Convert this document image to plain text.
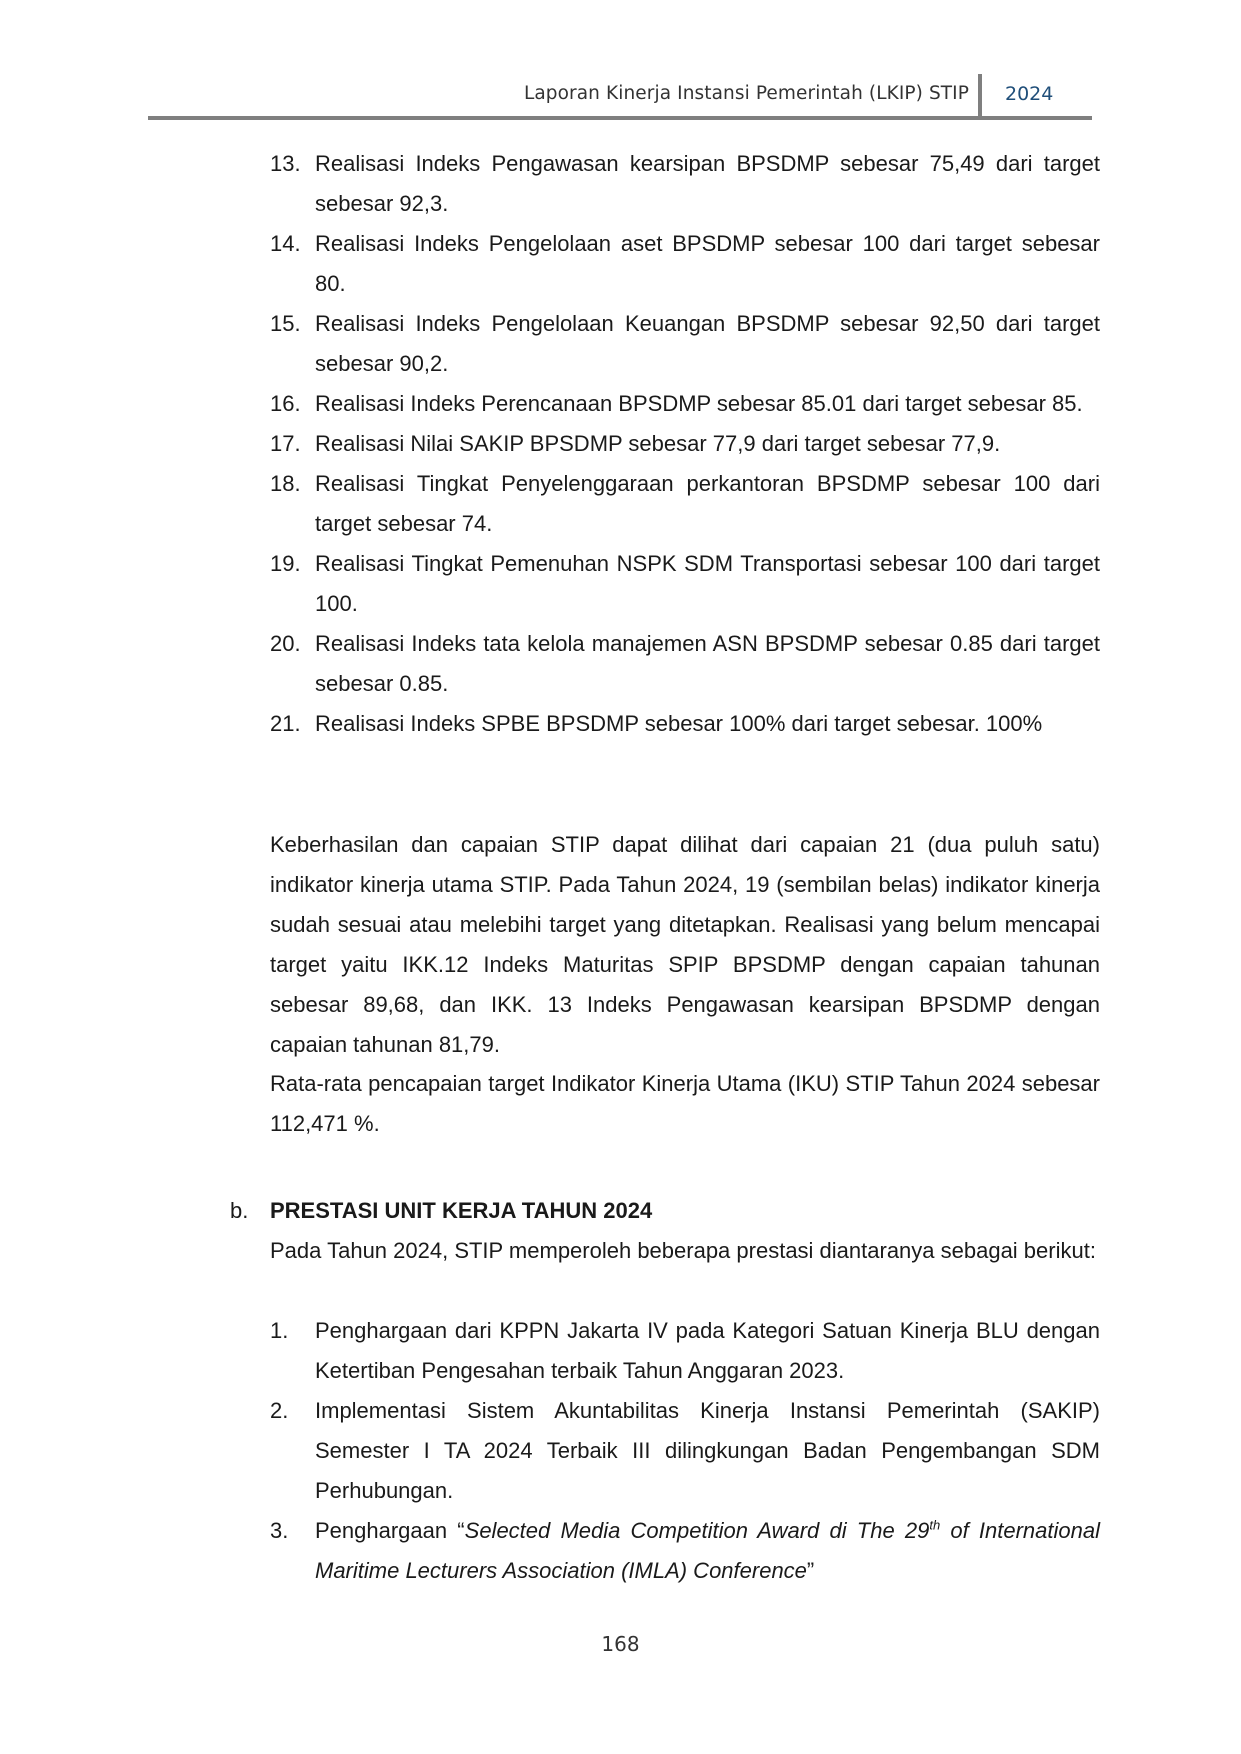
Laporan Kinerja Instansi Pemerintah (LKIP) STIP 2024
13. Realisasi Indeks Pengawasan kearsipan BPSDMP sebesar 75,49 dari target sebesar 92,3.
14. Realisasi Indeks Pengelolaan aset BPSDMP sebesar 100 dari target sebesar 80.
15. Realisasi Indeks Pengelolaan Keuangan BPSDMP sebesar 92,50 dari target sebesar 90,2.
16. Realisasi Indeks Perencanaan BPSDMP sebesar 85.01 dari target sebesar 85.
17. Realisasi Nilai SAKIP BPSDMP sebesar 77,9 dari target sebesar 77,9.
18. Realisasi Tingkat Penyelenggaraan perkantoran BPSDMP sebesar 100 dari target sebesar 74.
19. Realisasi Tingkat Pemenuhan NSPK SDM Transportasi sebesar 100 dari target 100.
20. Realisasi Indeks tata kelola manajemen ASN BPSDMP sebesar 0.85 dari target sebesar 0.85.
21. Realisasi Indeks SPBE BPSDMP sebesar 100% dari target sebesar. 100%

Keberhasilan dan capaian STIP dapat dilihat dari capaian 21 (dua puluh satu) indikator kinerja utama STIP. Pada Tahun 2024, 19 (sembilan belas) indikator kinerja sudah sesuai atau melebihi target yang ditetapkan. Realisasi yang belum mencapai target yaitu IKK.12 Indeks Maturitas SPIP BPSDMP dengan capaian tahunan sebesar 89,68, dan IKK. 13 Indeks Pengawasan kearsipan BPSDMP dengan capaian tahunan 81,79.

Rata-rata pencapaian target Indikator Kinerja Utama (IKU) STIP Tahun 2024 sebesar 112,471 %.

b. PRESTASI UNIT KERJA TAHUN 2024

Pada Tahun 2024, STIP memperoleh beberapa prestasi diantaranya sebagai berikut:

1.	Penghargaan dari KPPN Jakarta IV pada Kategori Satuan Kinerja BLU dengan Ketertiban Pengesahan terbaik Tahun Anggaran 2023.
2.	Implementasi Sistem Akuntabilitas Kinerja Instansi Pemerintah (SAKIP) Semester I TA 2024 Terbaik III dilingkungan Badan Pengembangan SDM Perhubungan.
3.	Penghargaan “Selected Media Competition Award di The 29th of International Maritime Lecturers Association (IMLA) Conference”
168
